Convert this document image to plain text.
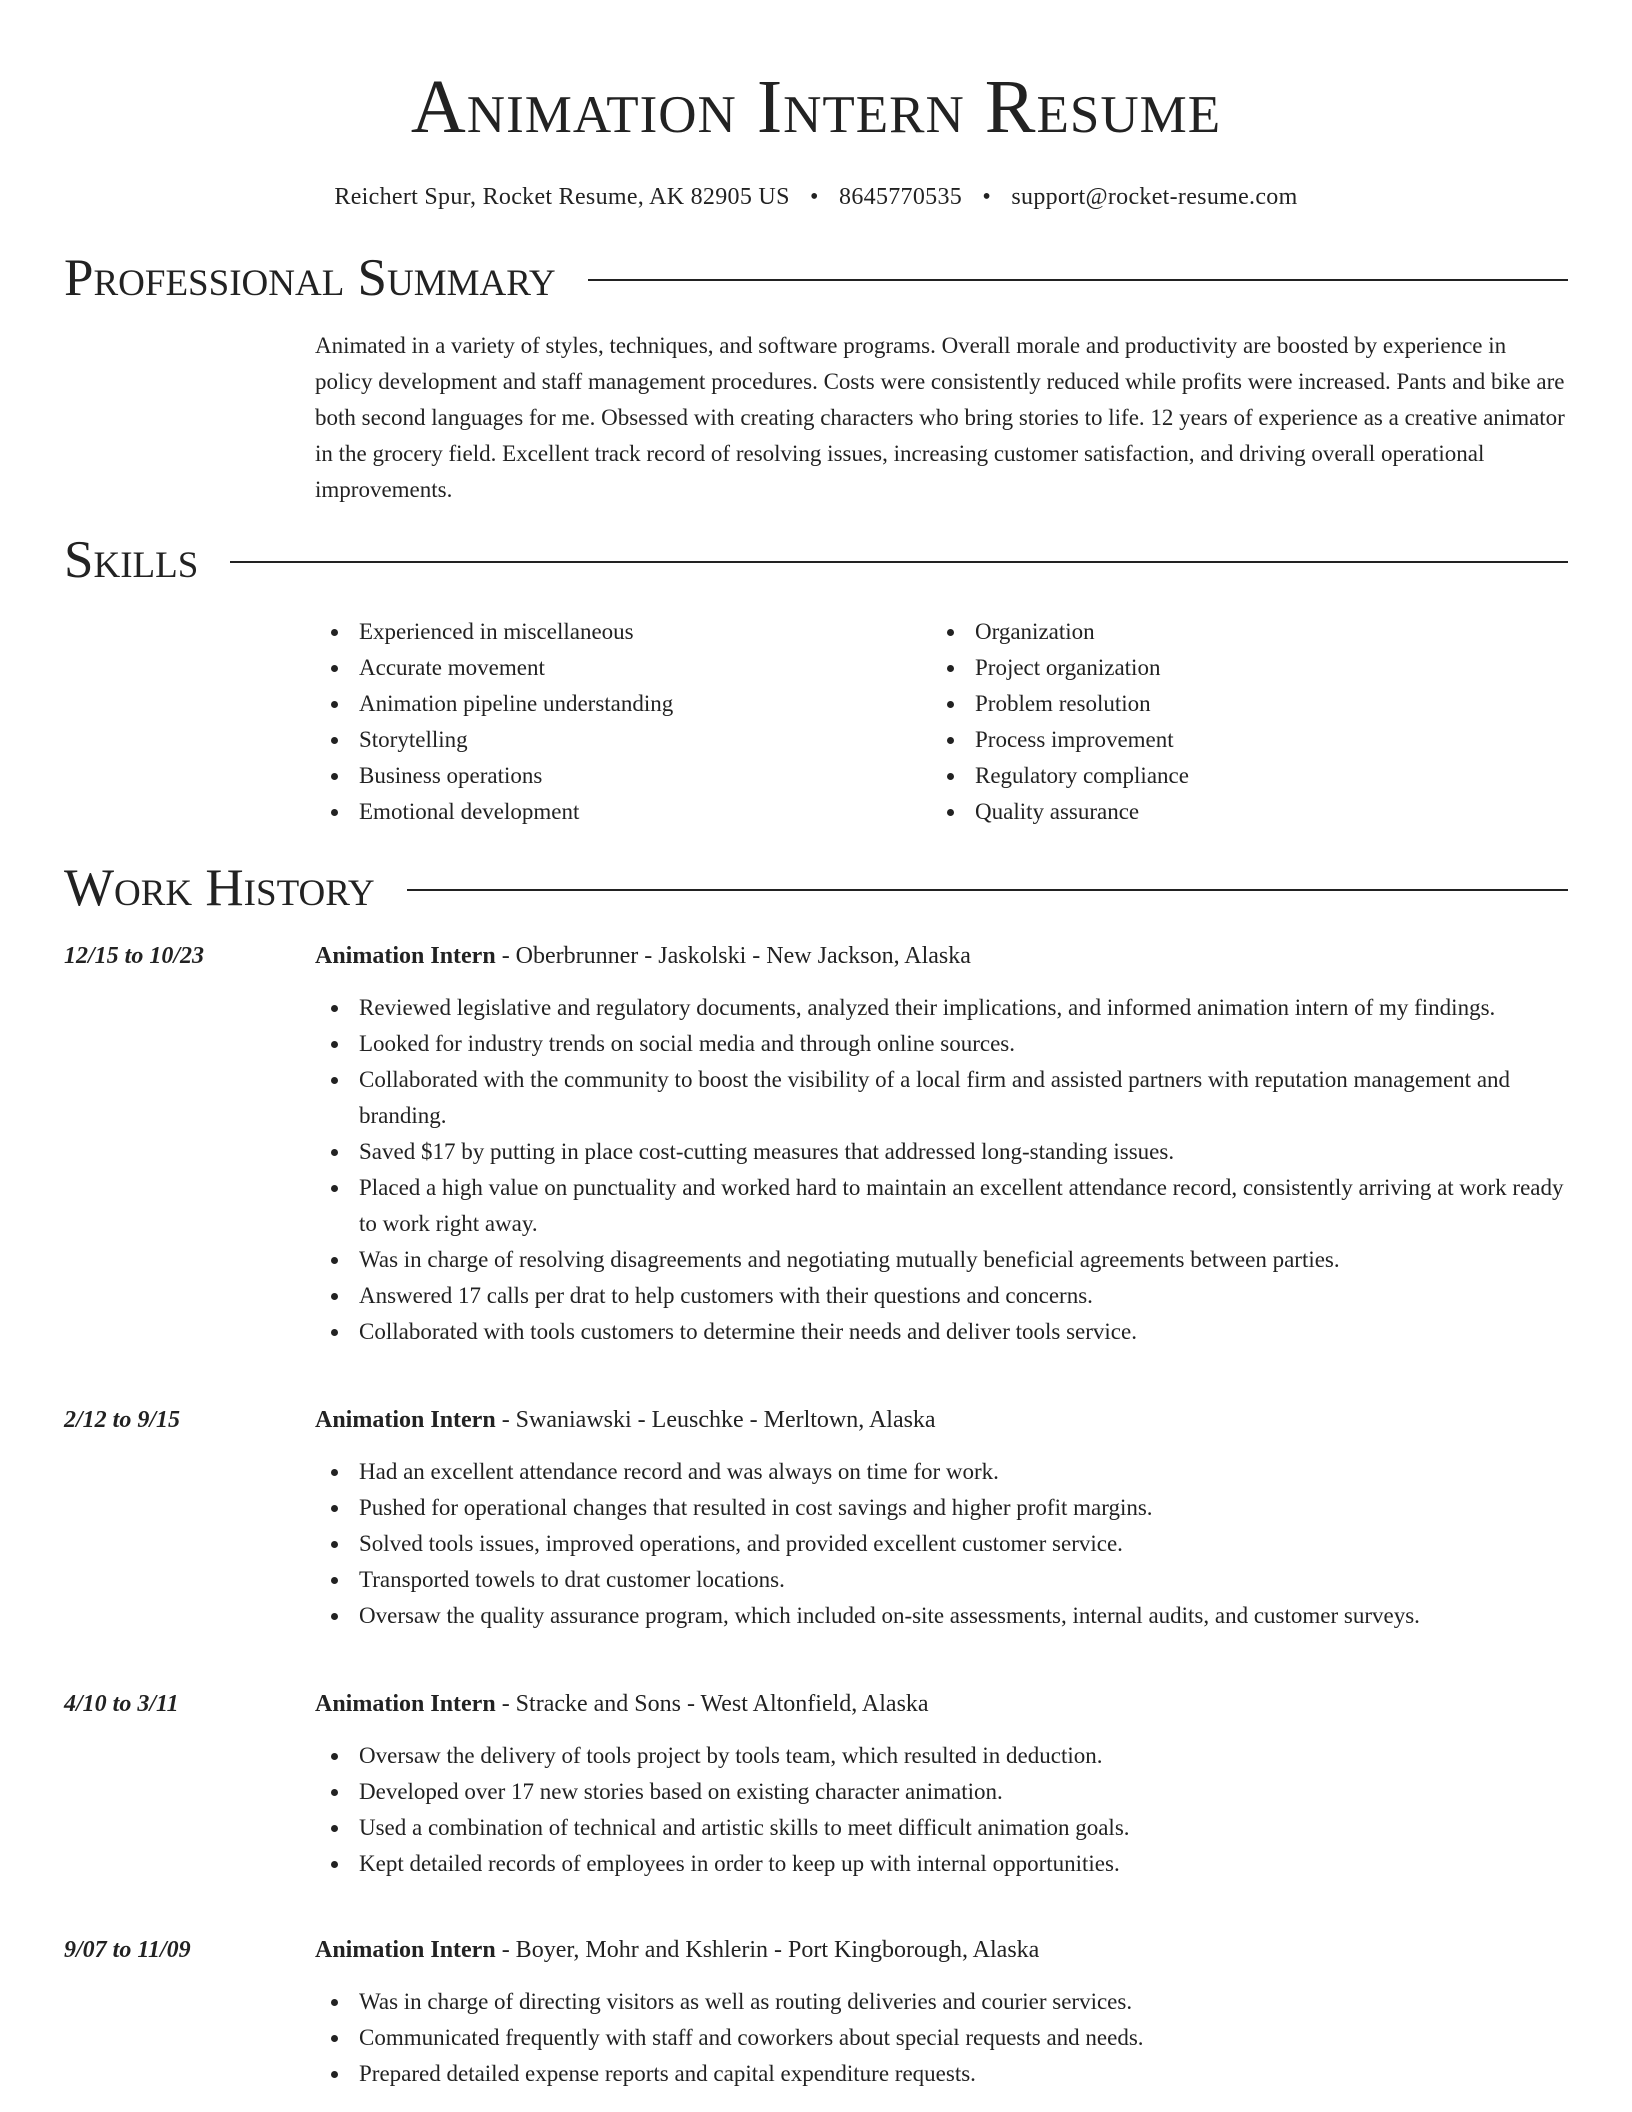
Animation Intern Resume
Reichert Spur, Rocket Resume, AK 82905 US • 8645770535 • support@rocket-resume.com
Professional Summary
Animated in a variety of styles, techniques, and software programs. Overall morale and productivity are boosted by experience in policy development and staff management procedures. Costs were consistently reduced while profits were increased. Pants and bike are both second languages for me. Obsessed with creating characters who bring stories to life. 12 years of experience as a creative animator in the grocery field. Excellent track record of resolving issues, increasing customer satisfaction, and driving overall operational improvements.
Skills
Experienced in miscellaneous
Accurate movement
Animation pipeline understanding
Storytelling
Business operations
Emotional development
Organization
Project organization
Problem resolution
Process improvement
Regulatory compliance
Quality assurance
Work History
12/15 to 10/23	Animation Intern - Oberbrunner - Jaskolski - New Jackson, Alaska
Reviewed legislative and regulatory documents, analyzed their implications, and informed animation intern of my findings.
Looked for industry trends on social media and through online sources.
Collaborated with the community to boost the visibility of a local firm and assisted partners with reputation management and branding.
Saved $17 by putting in place cost-cutting measures that addressed long-standing issues.
Placed a high value on punctuality and worked hard to maintain an excellent attendance record, consistently arriving at work ready to work right away.
Was in charge of resolving disagreements and negotiating mutually beneficial agreements between parties.
Answered 17 calls per drat to help customers with their questions and concerns.
Collaborated with tools customers to determine their needs and deliver tools service.
2/12 to 9/15	Animation Intern - Swaniawski - Leuschke - Merltown, Alaska
Had an excellent attendance record and was always on time for work.
Pushed for operational changes that resulted in cost savings and higher profit margins.
Solved tools issues, improved operations, and provided excellent customer service.
Transported towels to drat customer locations.
Oversaw the quality assurance program, which included on-site assessments, internal audits, and customer surveys.
4/10 to 3/11	Animation Intern - Stracke and Sons - West Altonfield, Alaska
Oversaw the delivery of tools project by tools team, which resulted in deduction.
Developed over 17 new stories based on existing character animation.
Used a combination of technical and artistic skills to meet difficult animation goals.
Kept detailed records of employees in order to keep up with internal opportunities.
9/07 to 11/09	Animation Intern - Boyer, Mohr and Kshlerin - Port Kingborough, Alaska
Was in charge of directing visitors as well as routing deliveries and courier services.
Communicated frequently with staff and coworkers about special requests and needs.
Prepared detailed expense reports and capital expenditure requests.
